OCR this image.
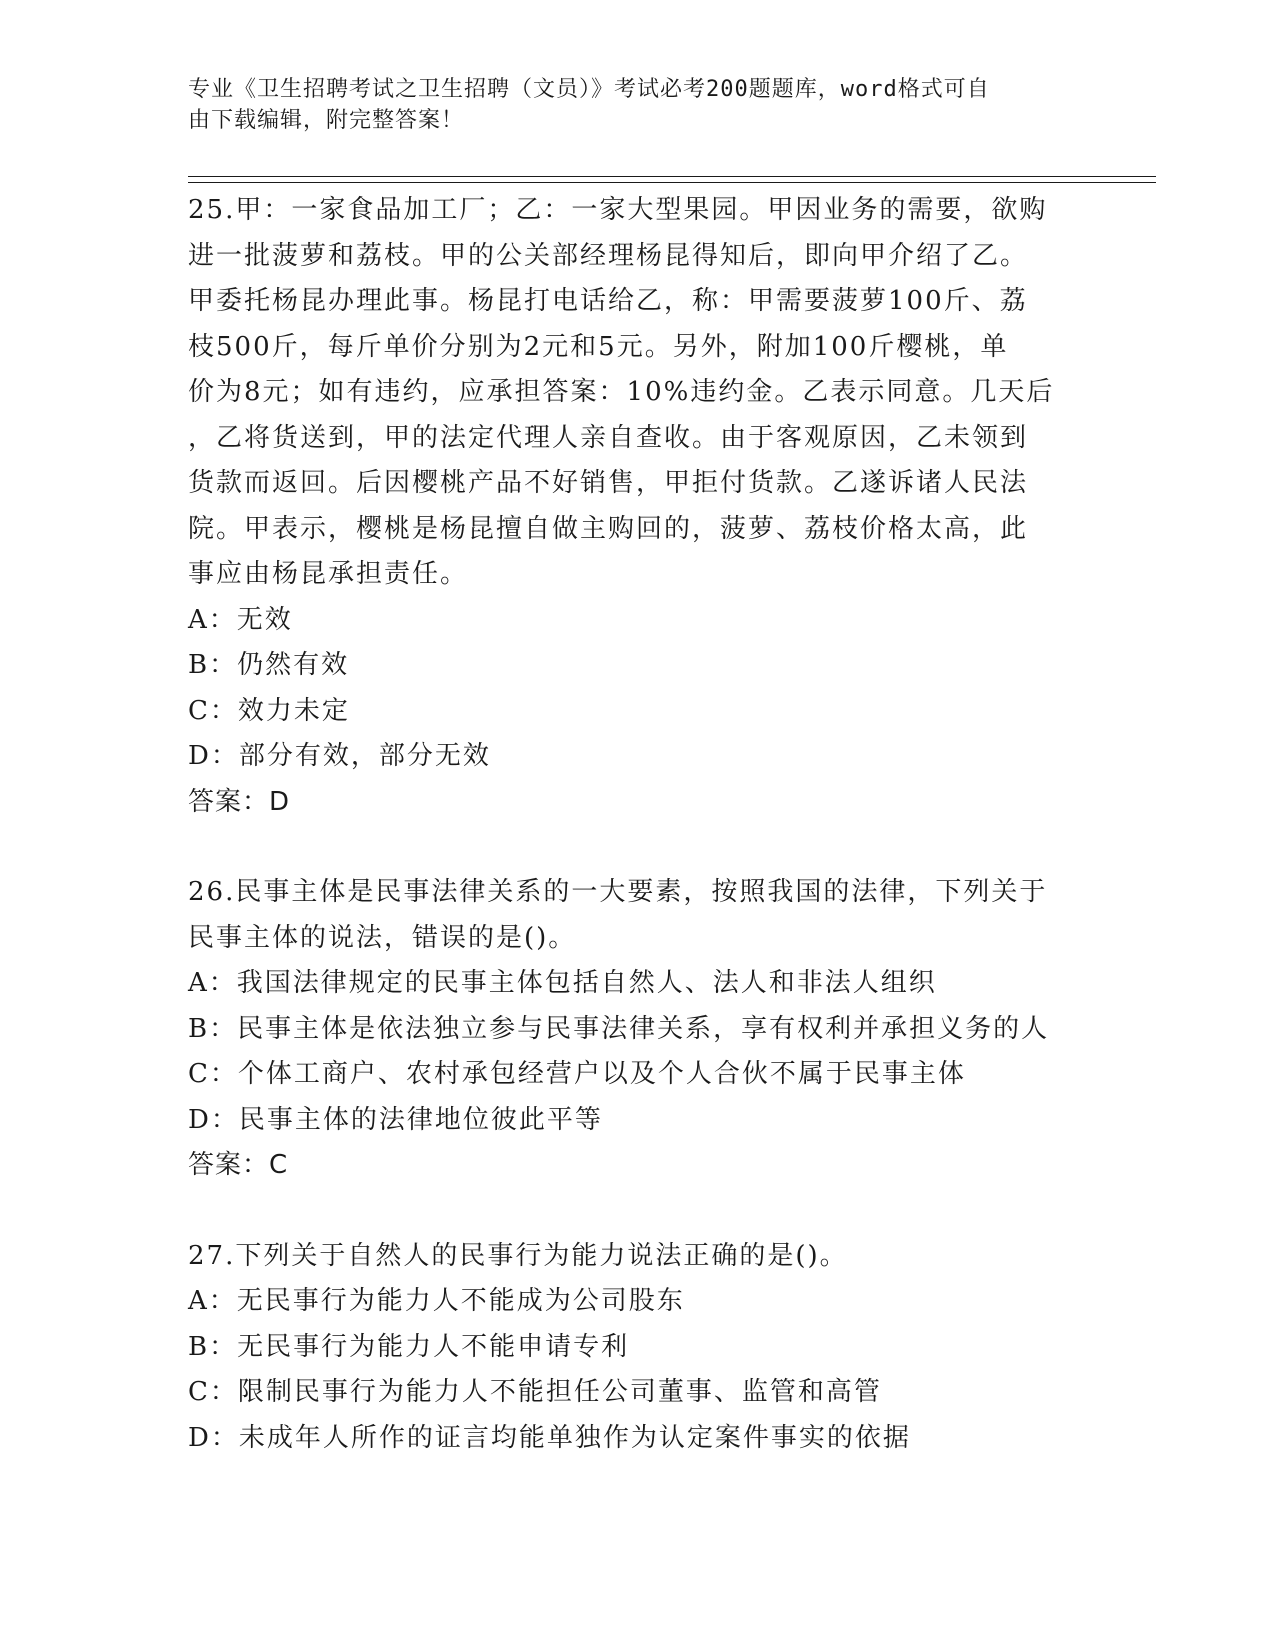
专业《卫生招聘考试之卫生招聘（文员）》考试必考200题题库，word格式可自
由下载编辑，附完整答案！

25.甲：一家食品加工厂；乙：一家大型果园。甲因业务的需要，欲购

进一批菠萝和荔枝。甲的公关部经理杨昆得知后，即向甲介绍了乙。

甲委托杨昆办理此事。杨昆打电话给乙，称：甲需要菠萝100斤、荔

枝500斤，每斤单价分别为2元和5元。另外，附加100斤樱桃，单

价为8元；如有违约，应承担答案：10%违约金。乙表示同意。几天后

，乙将货送到，甲的法定代理人亲自查收。由于客观原因，乙未领到

货款而返回。后因樱桃产品不好销售，甲拒付货款。乙遂诉诸人民法

院。甲表示，樱桃是杨昆擅自做主购回的，菠萝、荔枝价格太高，此

事应由杨昆承担责任。

A：无效

B：仍然有效

C：效力未定

D：部分有效，部分无效

答案：D

26.民事主体是民事法律关系的一大要素，按照我国的法律，下列关于

民事主体的说法，错误的是()。

A：我国法律规定的民事主体包括自然人、法人和非法人组织

B：民事主体是依法独立参与民事法律关系，享有权利并承担义务的人

C：个体工商户、农村承包经营户以及个人合伙不属于民事主体

D：民事主体的法律地位彼此平等

答案：C

27.下列关于自然人的民事行为能力说法正确的是()。

A：无民事行为能力人不能成为公司股东

B：无民事行为能力人不能申请专利

C：限制民事行为能力人不能担任公司董事、监管和高管

D：未成年人所作的证言均能单独作为认定案件事实的依据
